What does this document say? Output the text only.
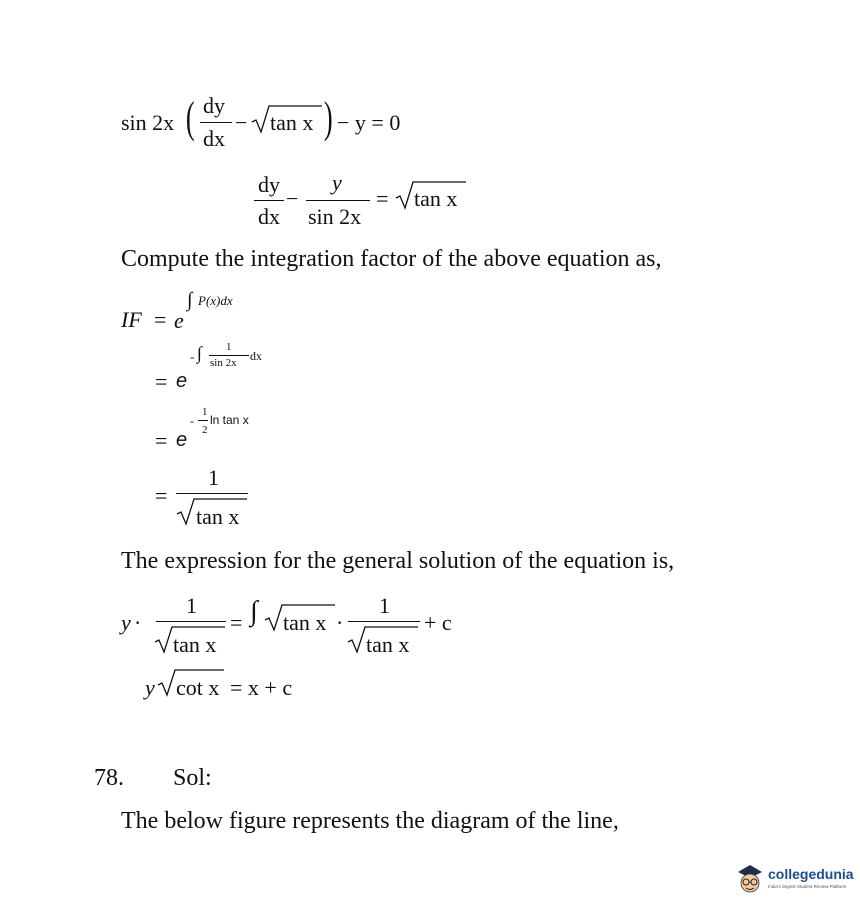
sin 2x ( dy
dx
− tan x ) − y = 0
dy
dx
−
y
sin 2x
= tan x
Compute the integration factor of the above equation as,
IF = e
∫ P(x)dx
= e
- ∫ 1
sin 2x dx
= e
1
-
2
ln tan x
=
1
tan x
The expression for the general solution of the equation is,
y ·
1
tan x
= ∫ tan x ·
1
tan x
+ c
y cot x = x + c
78. Sol:
The below figure represents the diagram of the line,
collegedunia
India's largest Student Review Platform
